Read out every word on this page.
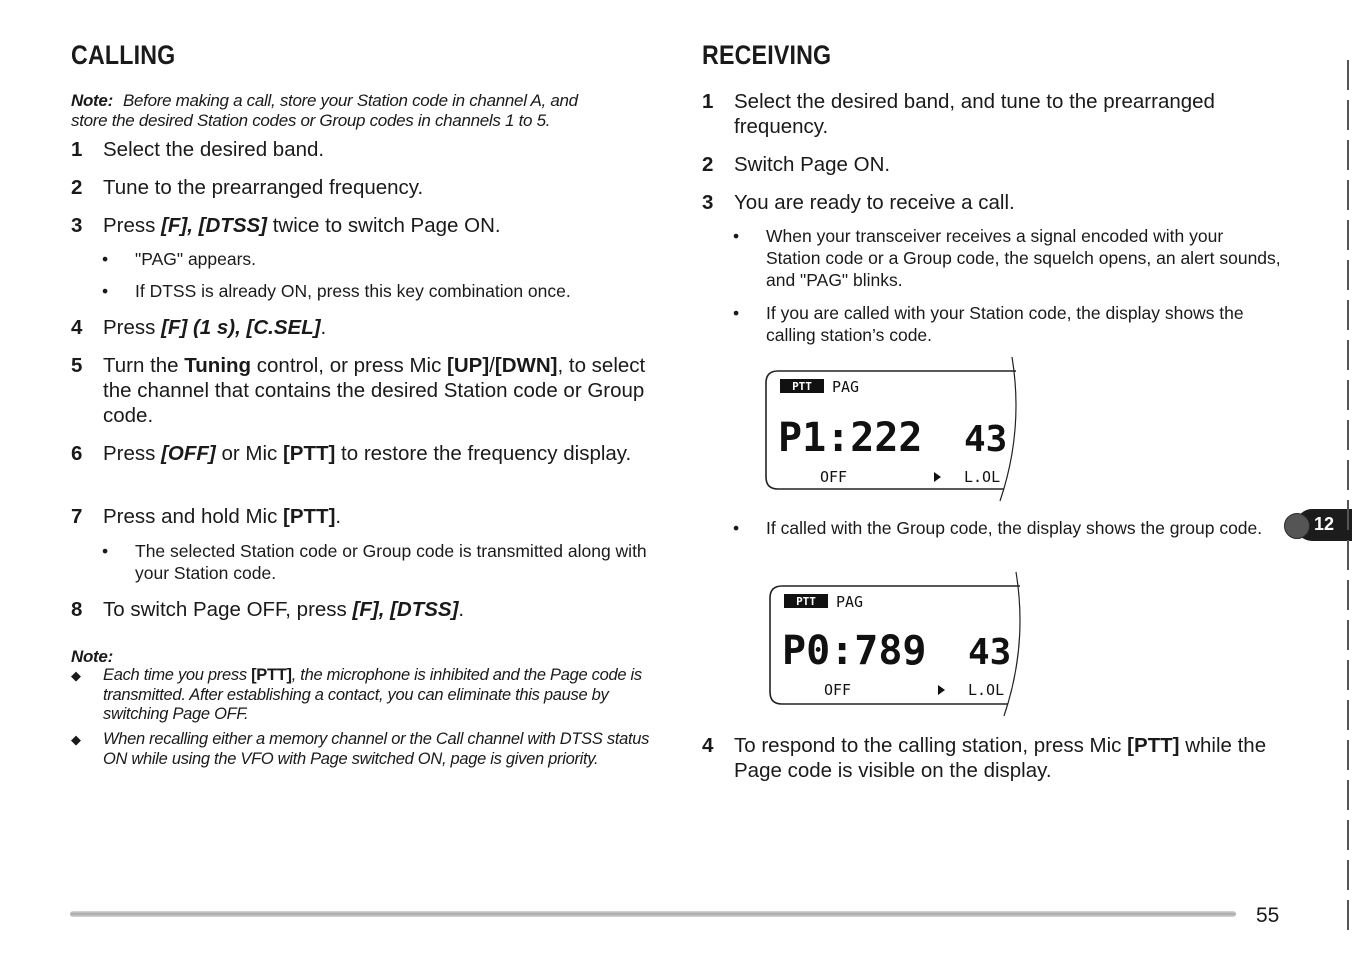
CALLING
Note: Before making a call, store your Station code in channel A, and
store the desired Station codes or Group codes in channels 1 to 5.
1 Select the desired band.
2 Tune to the prearranged frequency.
3 Press [F], [DTSS] twice to switch Page ON.
• "PAG" appears.
• If DTSS is already ON, press this key combination once.
4 Press [F] (1 s), [C.SEL].
5 Turn the Tuning control, or press Mic [UP]/[DWN], to select the channel that contains the desired Station code or Group code.
6 Press [OFF] or Mic [PTT] to restore the frequency display.
7 Press and hold Mic [PTT].
• The selected Station code or Group code is transmitted along with your Station code.
8 To switch Page OFF, press [F], [DTSS].
Note:
◆ Each time you press [PTT], the microphone is inhibited and the Page code is transmitted. After establishing a contact, you can eliminate this pause by switching Page OFF.
◆ When recalling either a memory channel or the Call channel with DTSS status ON while using the VFO with Page switched ON, page is given priority.
RECEIVING
1 Select the desired band, and tune to the prearranged frequency.
2 Switch Page ON.
3 You are ready to receive a call.
• When your transceiver receives a signal encoded with your Station code or a Group code, the squelch opens, an alert sounds, and "PAG" blinks.
• If you are called with your Station code, the display shows the calling station’s code.
PTT PAG
P1:222 43
OFF	L.OL
• If called with the Group code, the display shows the group code.
PTT PAG
P0:789 43
OFF	L.OL
4 To respond to the calling station, press Mic [PTT] while the Page code is visible on the display.
12
55
